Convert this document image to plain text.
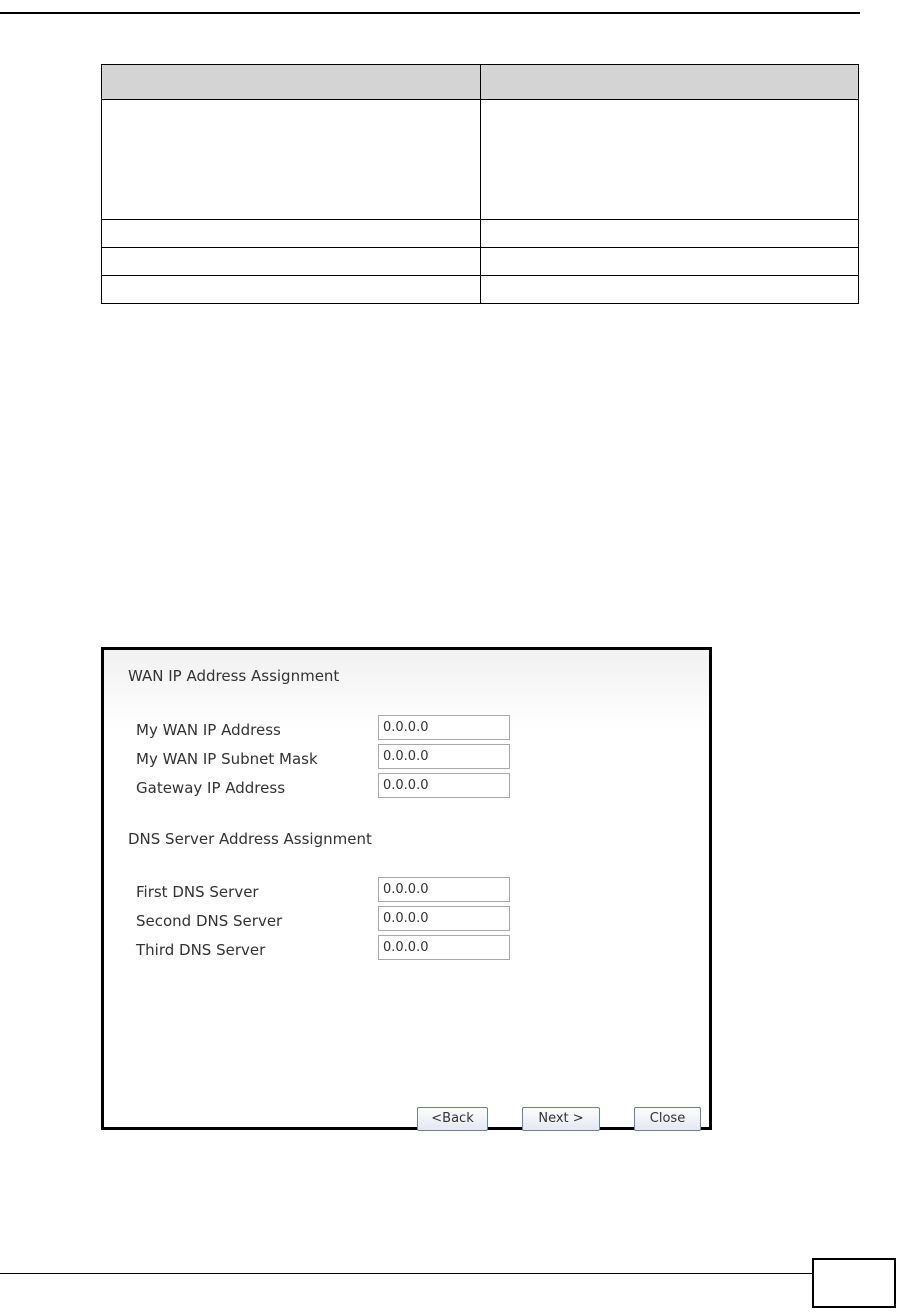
WAN IP Address Assignment
My WAN IP Address
0.0.0.0
My WAN IP Subnet Mask
0.0.0.0
Gateway IP Address
0.0.0.0
DNS Server Address Assignment
First DNS Server
0.0.0.0
Second DNS Server
0.0.0.0
Third DNS Server
0.0.0.0
<Back	Next >	Close
